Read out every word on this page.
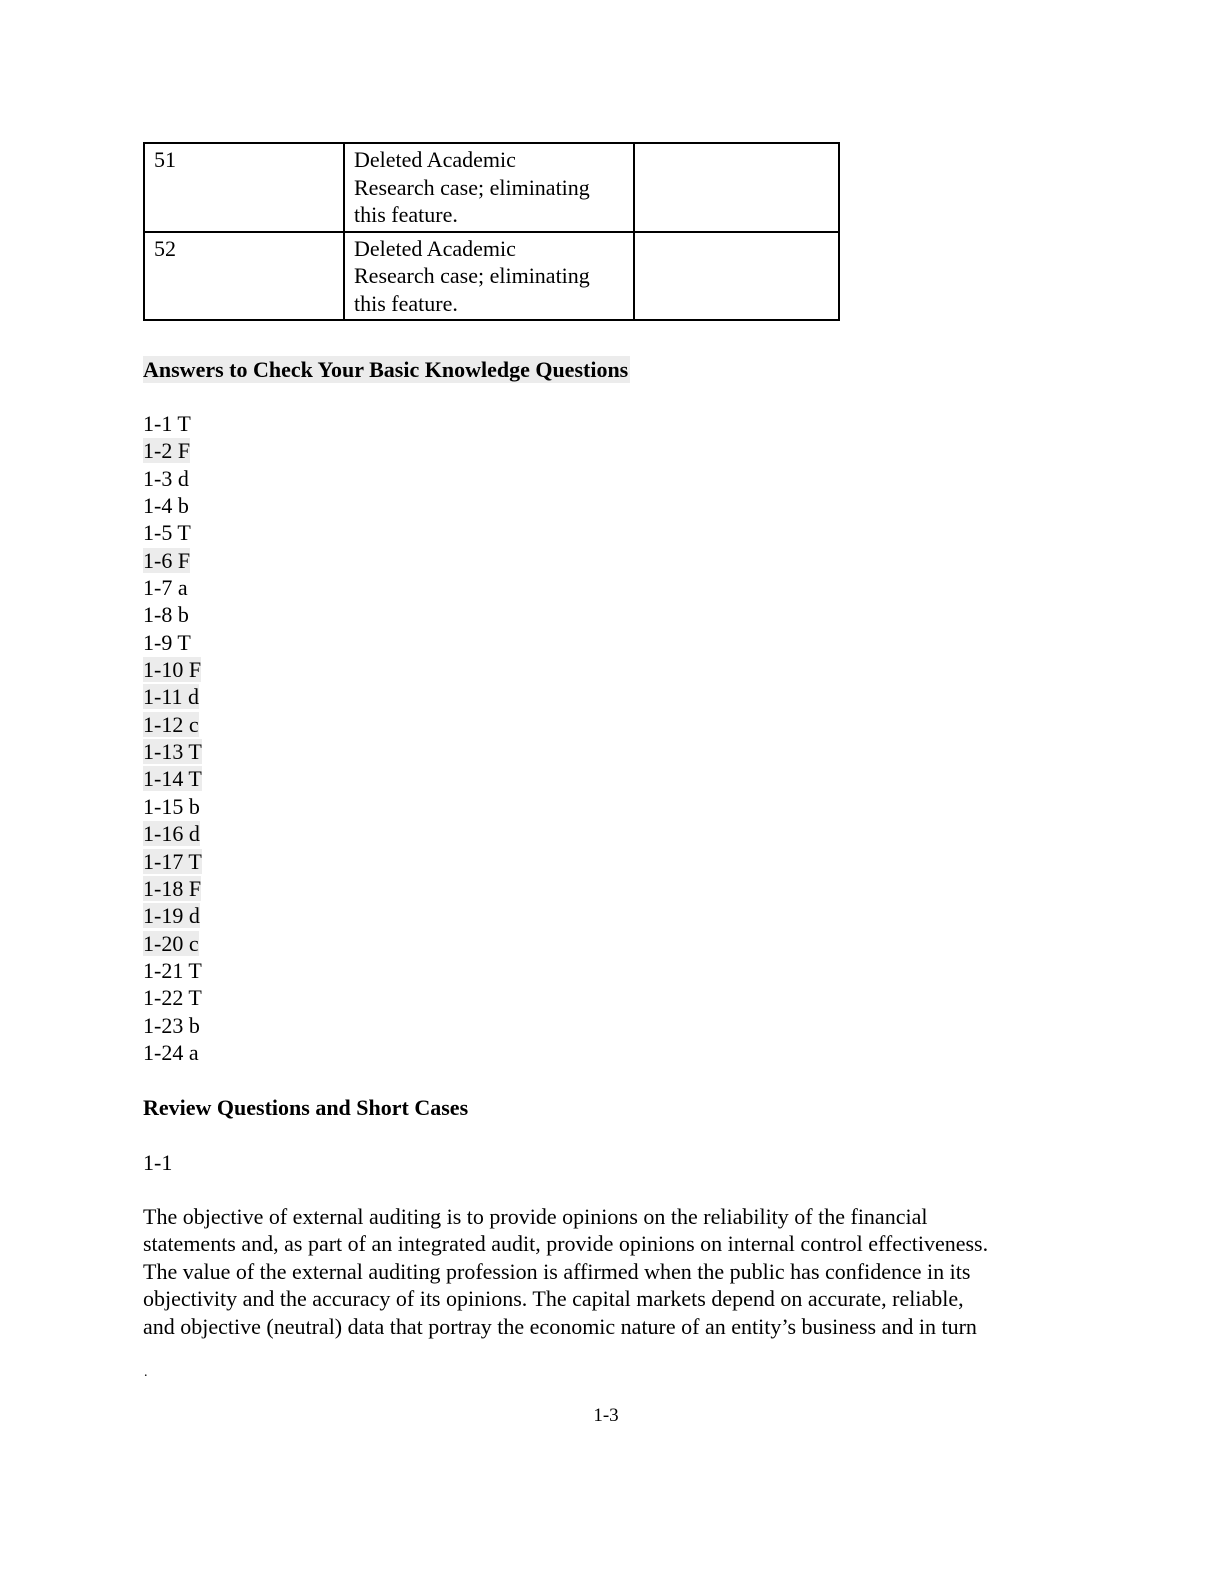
51	Deleted Academic
Research case; eliminating
this feature.	

52	Deleted Academic
Research case; eliminating
this feature.	

Answers to Check Your Basic Knowledge Questions

1-1 T
1-2 F
1-3 d
1-4 b
1-5 T
1-6 F
1-7 a
1-8 b
1-9 T
1-10 F
1-11 d
1-12 c
1-13 T
1-14 T
1-15 b
1-16 d
1-17 T
1-18 F
1-19 d
1-20 c
1-21 T
1-22 T
1-23 b
1-24 a

Review Questions and Short Cases

1-1

The objective of external auditing is to provide opinions on the reliability of the financial
statements and, as part of an integrated audit, provide opinions on internal control effectiveness.
The value of the external auditing profession is affirmed when the public has confidence in its
objectivity and the accuracy of its opinions. The capital markets depend on accurate, reliable,
and objective (neutral) data that portray the economic nature of an entity’s business and in turn

.
1-3
